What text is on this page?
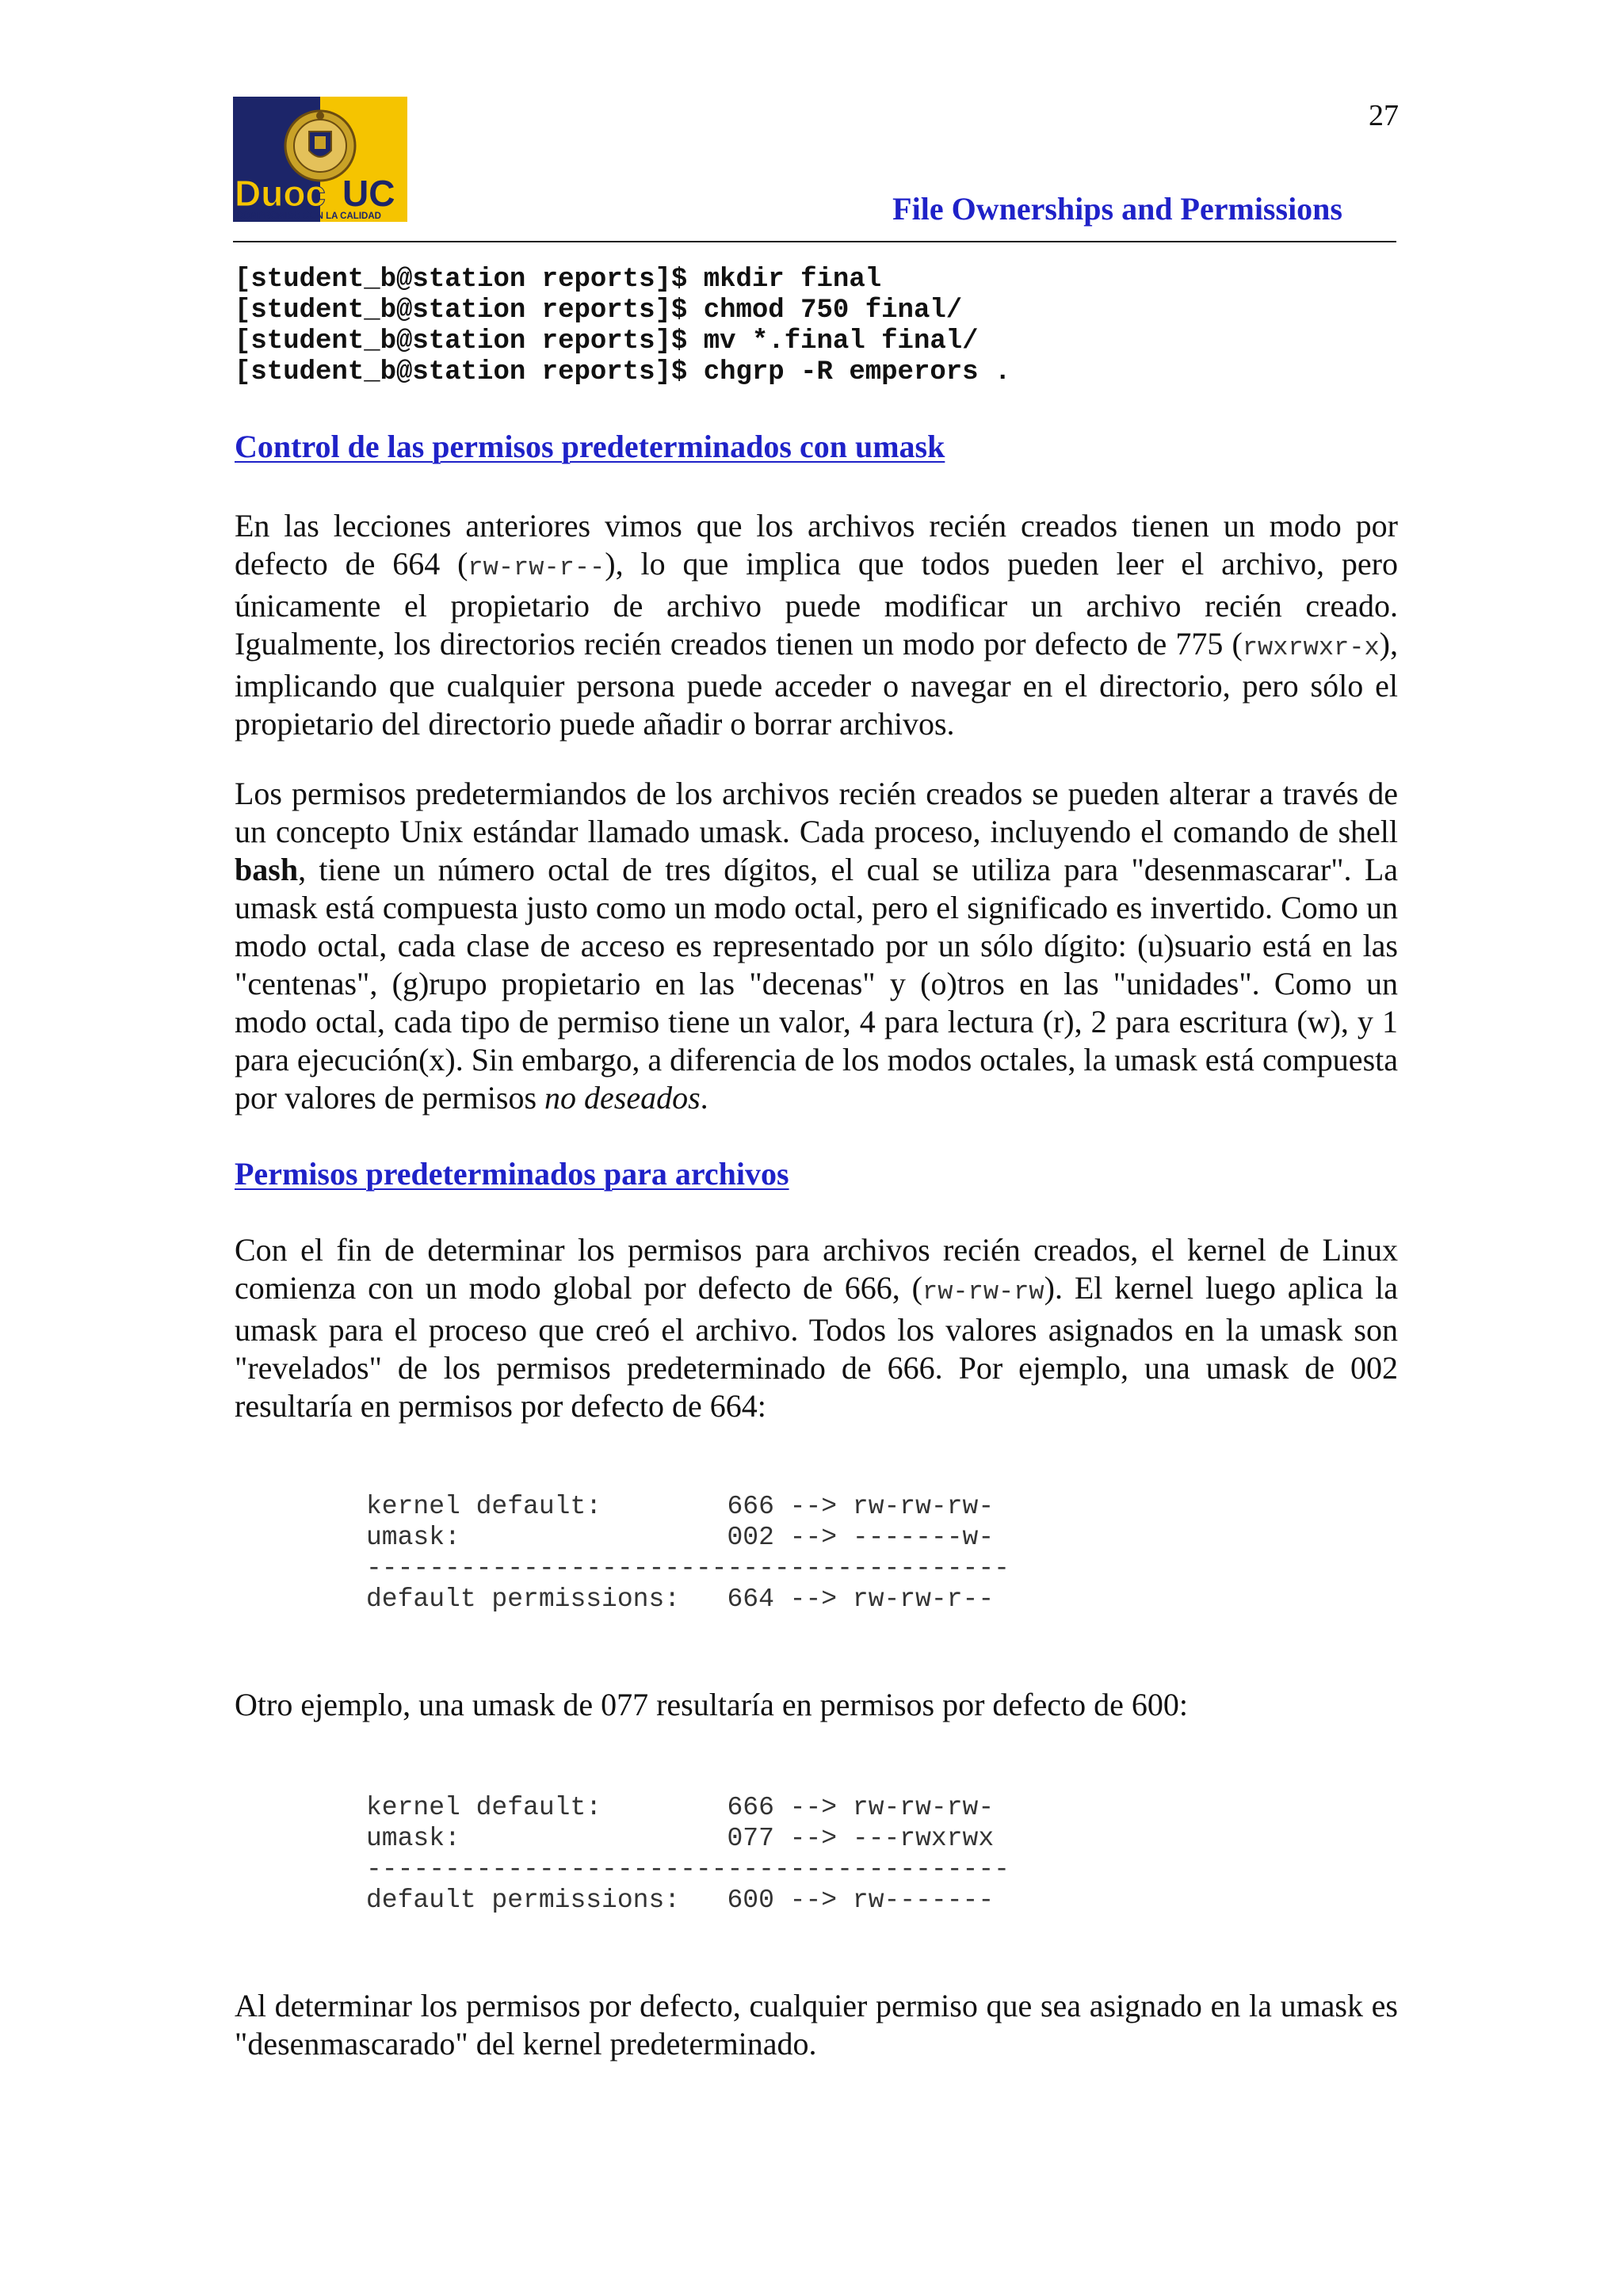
Duoc UC
COMPROMISO CON LA CALIDAD
27
File Ownerships and Permissions
[student_b@station reports]$ mkdir final
[student_b@station reports]$ chmod 750 final/
[student_b@station reports]$ mv *.final final/
[student_b@station reports]$ chgrp -R emperors .
Control de las permisos predeterminados con umask

En las lecciones anteriores vimos que los archivos recién creados tienen un modo por defecto de 664 (rw-rw-r--), lo que implica que todos pueden leer el archivo, pero únicamente el propietario de archivo puede modificar un archivo recién creado. Igualmente, los directorios recién creados tienen un modo por defecto de 775 (rwxrwxr-x), implicando que cualquier persona puede acceder o navegar en el directorio, pero sólo el propietario del directorio puede añadir o borrar archivos.

Los permisos predetermiandos de los archivos recién creados se pueden alterar a través de un concepto Unix estándar llamado umask. Cada proceso, incluyendo el comando de shell bash, tiene un número octal de tres dígitos, el cual se utiliza para "desenmascarar". La umask está compuesta justo como un modo octal, pero el significado es invertido. Como un modo octal, cada clase de acceso es representado por un sólo dígito: (u)suario está en las "centenas", (g)rupo propietario en las "decenas" y (o)tros en las "unidades". Como un modo octal, cada tipo de permiso tiene un valor, 4 para lectura (r), 2 para escritura (w), y 1 para ejecución(x). Sin embargo, a diferencia de los modos octales, la umask está compuesta por valores de permisos no deseados.

Permisos predeterminados para archivos

Con el fin de determinar los permisos para archivos recién creados, el kernel de Linux comienza con un modo global por defecto de 666, (rw-rw-rw). El kernel luego aplica la umask para el proceso que creó el archivo. Todos los valores asignados en la umask son "revelados" de los permisos predeterminado de 666. Por ejemplo, una umask de 002 resultaría en permisos por defecto de 664:

kernel default:        666 --> rw-rw-rw-
umask:                 002 --> -------w-
-----------------------------------------
default permissions:   664 --> rw-rw-r--

Otro ejemplo, una umask de 077 resultaría en permisos por defecto de 600:

kernel default:        666 --> rw-rw-rw-
umask:                 077 --> ---rwxrwx
-----------------------------------------
default permissions:   600 --> rw-------

Al determinar los permisos por defecto, cualquier permiso que sea asignado en la umask es "desenmascarado" del kernel predeterminado.
